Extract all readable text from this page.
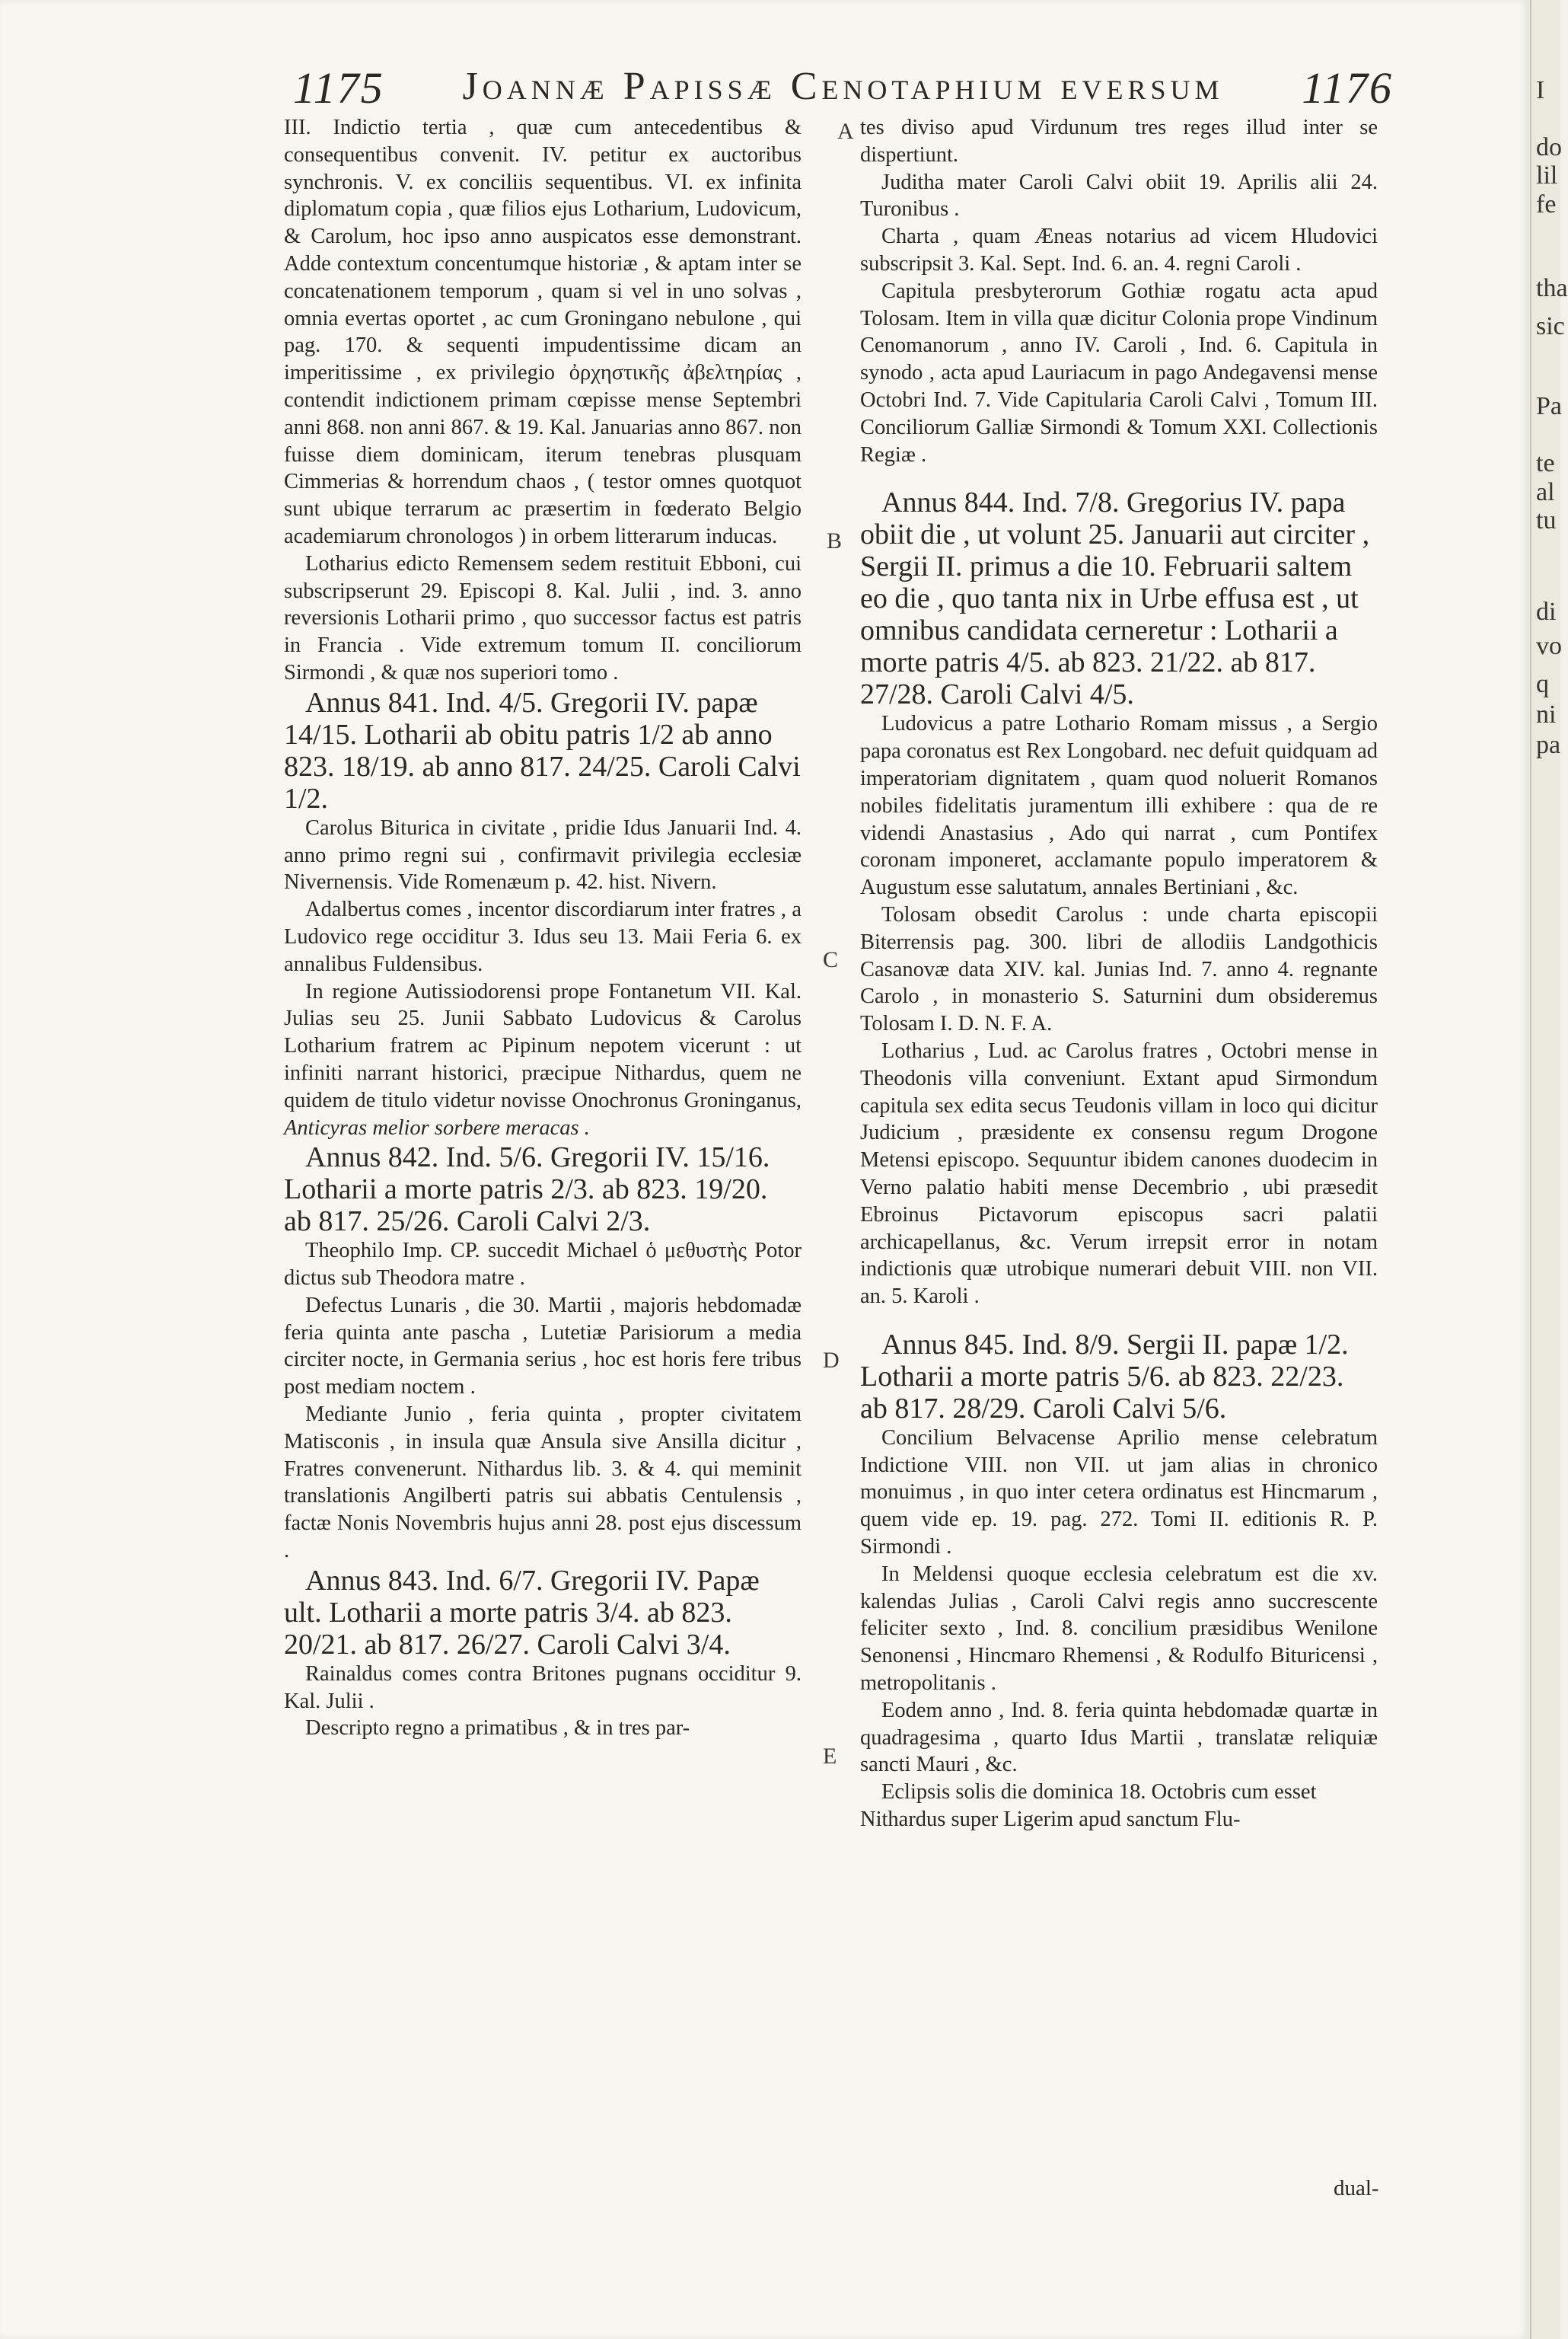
1175	Joannæ Papissæ Cenotaphium eversum	1176

III. Indictio tertia , quæ cum antecedentibus & consequentibus convenit. IV. petitur ex auctoribus synchronis. V. ex conciliis sequentibus. VI. ex infinita diplomatum copia , quæ filios ejus Lotharium, Ludovicum, & Carolum, hoc ipso anno auspicatos esse demonstrant. Adde contextum concentumque historiæ , & aptam inter se concatenationem temporum , quam si vel in uno solvas , omnia evertas oportet , ac cum Groningano nebulone , qui pag. 170. & sequenti impudentissime dicam an imperitissime , ex privilegio ὀρχηστικῆς ἀβελτηρίας , contendit indictionem primam cœpisse mense Septembri anni 868. non anni 867. & 19. Kal. Januarias anno 867. non fuisse diem dominicam, iterum tenebras plusquam Cimmerias & horrendum chaos , ( testor omnes quotquot sunt ubique terrarum ac præsertim in fœderato Belgio academiarum chronologos ) in orbem litterarum inducas.

Lotharius edicto Remensem sedem restituit Ebboni, cui subscripserunt 29. Episcopi 8. Kal. Julii , ind. 3. anno reversionis Lotharii primo , quo successor factus est patris in Francia . Vide extremum tomum II. conciliorum Sirmondi , & quæ nos superiori tomo .

Annus 841. Ind. 4/5. Gregorii IV. papæ 14/15. Lotharii ab obitu patris 1/2 ab anno 823. 18/19. ab anno 817. 24/25. Caroli Calvi 1/2.

Carolus Biturica in civitate , pridie Idus Januarii Ind. 4. anno primo regni sui , confirmavit privilegia ecclesiæ Nivernensis. Vide Romenæum p. 42. hist. Nivern.

Adalbertus comes , incentor discordiarum inter fratres , a Ludovico rege occiditur 3. Idus seu 13. Maii Feria 6. ex annalibus Fuldensibus.

In regione Autissiodorensi prope Fontanetum VII. Kal. Julias seu 25. Junii Sabbato Ludovicus & Carolus Lotharium fratrem ac Pipinum nepotem vicerunt : ut infiniti narrant historici, præcipue Nithardus, quem ne quidem de titulo videtur novisse Onochronus Groninganus, Anticyras melior sorbere meracas .

Annus 842. Ind. 5/6. Gregorii IV. 15/16. Lotharii a morte patris 2/3. ab 823. 19/20. ab 817. 25/26. Caroli Calvi 2/3.

Theophilo Imp. CP. succedit Michael ὁ μεθυστὴς Potor dictus sub Theodora matre .

Defectus Lunaris , die 30. Martii , majoris hebdomadæ feria quinta ante pascha , Lutetiæ Parisiorum a media circiter nocte, in Germania serius , hoc est horis fere tribus post mediam noctem .

Mediante Junio , feria quinta , propter civitatem Matisconis , in insula quæ Ansula sive Ansilla dicitur , Fratres convenerunt. Nithardus lib. 3. & 4. qui meminit translationis Angilberti patris sui abbatis Centulensis , factæ Nonis Novembris hujus anni 28. post ejus discessum .

Annus 843. Ind. 6/7. Gregorii IV. Papæ ult. Lotharii a morte patris 3/4. ab 823. 20/21. ab 817. 26/27. Caroli Calvi 3/4.

Rainaldus comes contra Britones pugnans occiditur 9. Kal. Julii .

Descripto regno a primatibus , & in tres par-

tes diviso apud Virdunum tres reges illud inter se dispertiunt.

Juditha mater Caroli Calvi obiit 19. Aprilis alii 24. Turonibus .

Charta , quam Æneas notarius ad vicem Hludovici subscripsit 3. Kal. Sept. Ind. 6. an. 4. regni Caroli .

Capitula presbyterorum Gothiæ rogatu acta apud Tolosam. Item in villa quæ dicitur Colonia prope Vindinum Cenomanorum , anno IV. Caroli , Ind. 6. Capitula in synodo , acta apud Lauriacum in pago Andegavensi mense Octobri Ind. 7. Vide Capitularia Caroli Calvi , Tomum III. Conciliorum Galliæ Sirmondi & Tomum XXI. Collectionis Regiæ .

Annus 844. Ind. 7/8. Gregorius IV. papa obiit die , ut volunt 25. Januarii aut circiter , Sergii II. primus a die 10. Februarii saltem eo die , quo tanta nix in Urbe effusa est , ut omnibus candidata cerneretur : Lotharii a morte patris 4/5. ab 823. 21/22. ab 817. 27/28. Caroli Calvi 4/5.

Ludovicus a patre Lothario Romam missus , a Sergio papa coronatus est Rex Longobard. nec defuit quidquam ad imperatoriam dignitatem , quam quod noluerit Romanos nobiles fidelitatis juramentum illi exhibere : qua de re videndi Anastasius , Ado qui narrat , cum Pontifex coronam imponeret, acclamante populo imperatorem & Augustum esse salutatum, annales Bertiniani , &c.

Tolosam obsedit Carolus : unde charta episcopii Biterrensis pag. 300. libri de allodiis Landgothicis Casanovæ data XIV. kal. Junias Ind. 7. anno 4. regnante Carolo , in monasterio S. Saturnini dum obsideremus Tolosam I. D. N. F. A.

Lotharius , Lud. ac Carolus fratres , Octobri mense in Theodonis villa conveniunt. Extant apud Sirmondum capitula sex edita secus Teudonis villam in loco qui dicitur Judicium , præsidente ex consensu regum Drogone Metensi episcopo. Sequuntur ibidem canones duodecim in Verno palatio habiti mense Decembrio , ubi præsedit Ebroinus Pictavorum episcopus sacri palatii archicapellanus, &c. Verum irrepsit error in notam indictionis quæ utrobique numerari debuit VIII. non VII. an. 5. Karoli .

Annus 845. Ind. 8/9. Sergii II. papæ 1/2. Lotharii a morte patris 5/6. ab 823. 22/23. ab 817. 28/29. Caroli Calvi 5/6.

Concilium Belvacense Aprilio mense celebratum Indictione VIII. non VII. ut jam alias in chronico monuimus , in quo inter cetera ordinatus est Hincmarum , quem vide ep. 19. pag. 272. Tomi II. editionis R. P. Sirmondi .

In Meldensi quoque ecclesia celebratum est die xv. kalendas Julias , Caroli Calvi regis anno succrescente feliciter sexto , Ind. 8. concilium præsidibus Wenilone Senonensi , Hincmaro Rhemensi , & Rodulfo Bituricensi , metropolitanis .

Eodem anno , Ind. 8. feria quinta hebdomadæ quartæ in quadragesima , quarto Idus Martii , translatæ reliquiæ sancti Mauri , &c.

Eclipsis solis die dominica 18. Octobris cum esset Nithardus super Ligerim apud sanctum Flu-

dual-
A
B
C
D
E
I
do
lil
fe
tha
sic
Pa
te
al
tu
di
vo
q
ni
pa
